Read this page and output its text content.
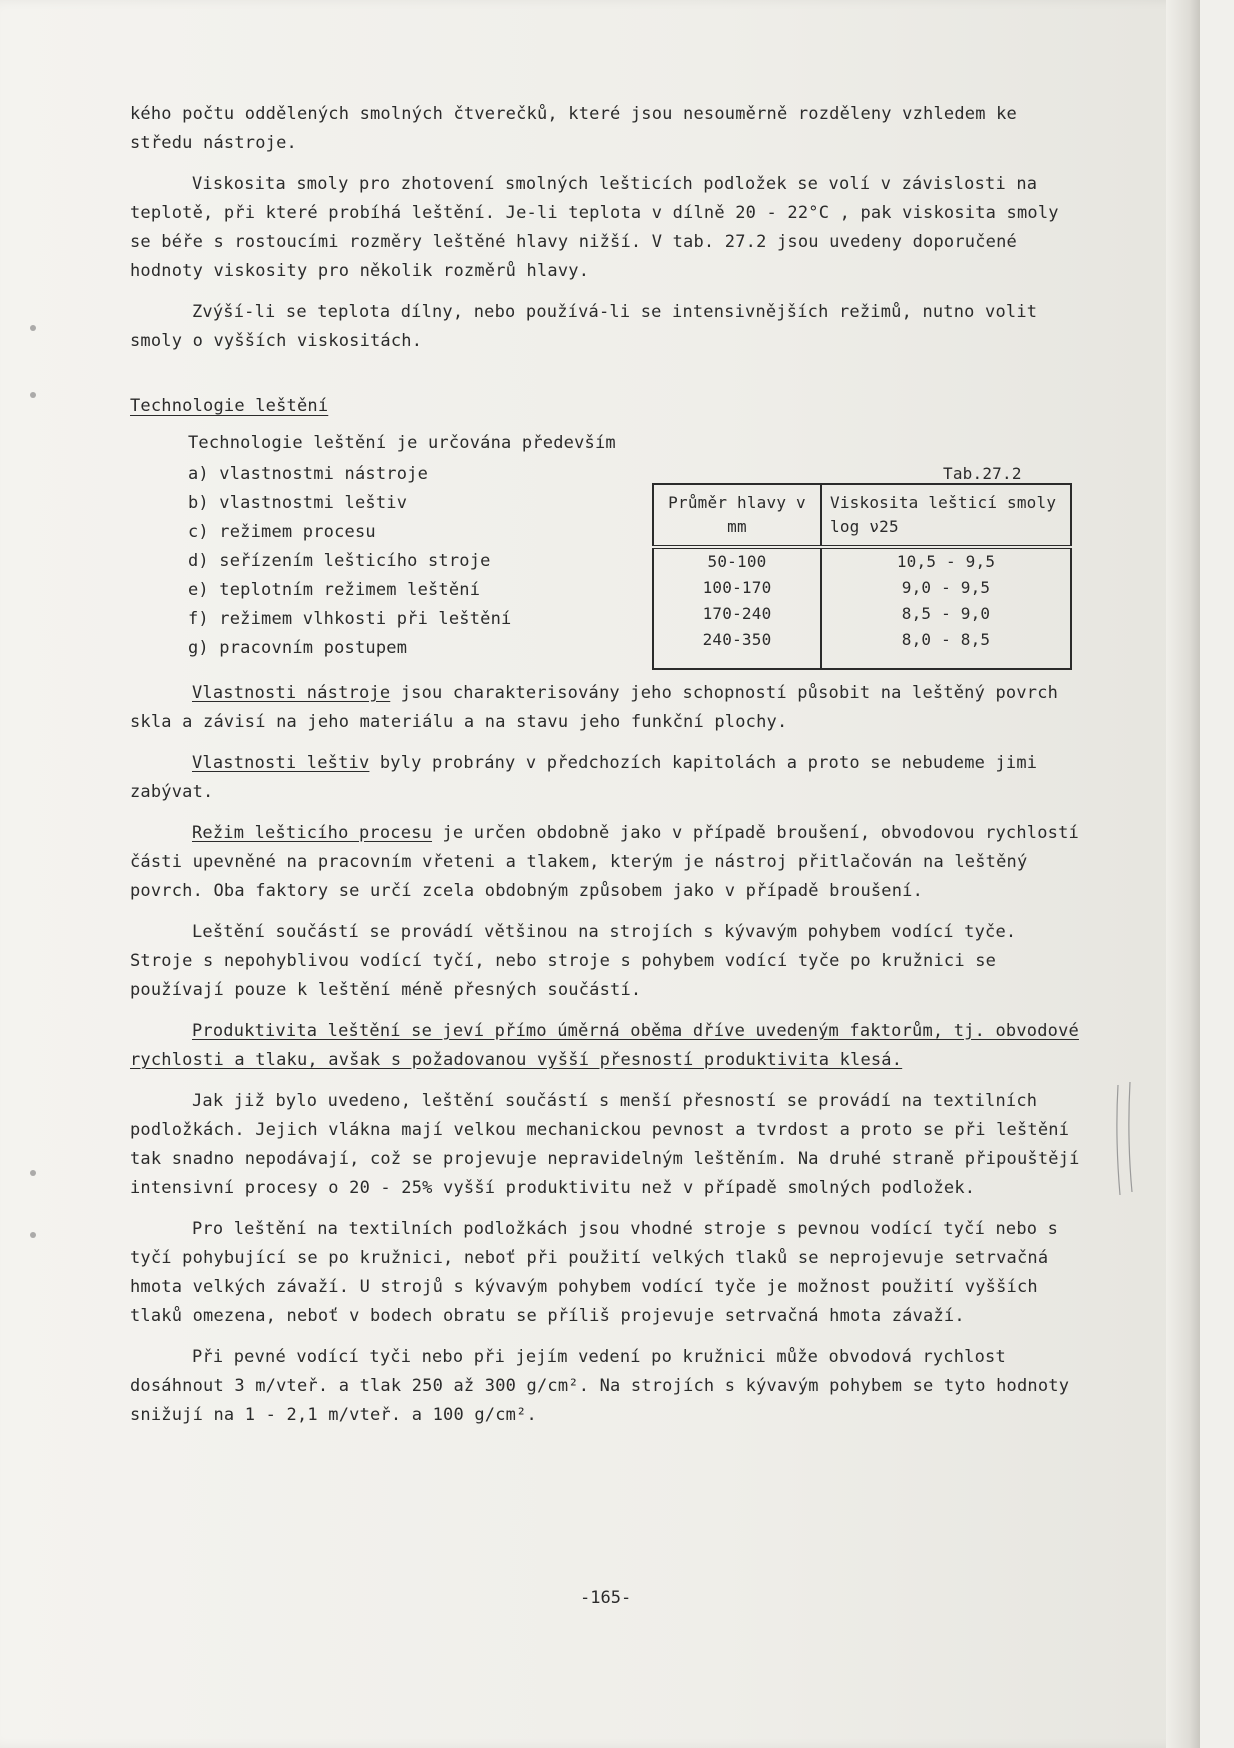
kého počtu oddělených smolných čtverečků, které jsou nesouměrně rozděleny vzhledem ke středu nástroje.

Viskosita smoly pro zhotovení smolných lešticích podložek se volí v závislosti na teplotě, při které probíhá leštění. Je-li teplota v dílně 20 - 22°C , pak viskosita smoly se béře s rostoucími rozměry leštěné hlavy nižší. V tab. 27.2 jsou uvedeny doporučené hodnoty viskosity pro několik rozměrů hlavy.

Zvýší-li se teplota dílny, nebo používá-li se intensivnějších režimů, nutno volit smoly o vyšších viskositách.

Technologie leštění
Technologie leštění je určována především
a) vlastnostmi nástroje
b) vlastnostmi leštiv
c) režimem procesu
d) seřízením lešticího stroje
e) teplotním režimem leštění
f) režimem vlhkosti při leštění
g) pracovním postupem
Tab.27.2
Průměr hlavy v mm	Viskosita lešticí smoly log ν25
50-100	10,5 - 9,5
100-170	9,0 - 9,5
170-240	8,5 - 9,0
240-350	8,0 - 8,5

Vlastnosti nástroje jsou charakterisovány jeho schopností působit na leštěný povrch skla a závisí na jeho materiálu a na stavu jeho funkční plochy.

Vlastnosti leštiv byly probrány v předchozích kapitolách a proto se nebudeme jimi zabývat.

Režim lešticího procesu je určen obdobně jako v případě broušení, obvodovou rychlostí části upevněné na pracovním vřeteni a tlakem, kterým je nástroj přitlačován na leštěný povrch. Oba faktory se určí zcela obdobným způsobem jako v případě broušení.

Leštění součástí se provádí většinou na strojích s kývavým pohybem vodící tyče. Stroje s nepohyblivou vodící tyčí, nebo stroje s pohybem vodící tyče po kružnici se používají pouze k leštění méně přesných součástí.

Produktivita leštění se jeví přímo úměrná oběma dříve uvedeným faktorům, tj. obvodové rychlosti a tlaku, avšak s požadovanou vyšší přesností produktivita klesá.

Jak již bylo uvedeno, leštění součástí s menší přesností se provádí na textilních podložkách. Jejich vlákna mají velkou mechanickou pevnost a tvrdost a proto se při leštění tak snadno nepodávají, což se projevuje nepravidelným leštěním. Na druhé straně připouštějí intensivní procesy o 20 - 25% vyšší produktivitu než v případě smolných podložek.

Pro leštění na textilních podložkách jsou vhodné stroje s pevnou vodící tyčí nebo s tyčí pohybující se po kružnici, neboť při použití velkých tlaků se neprojevuje setrvačná hmota velkých závaží. U strojů s kývavým pohybem vodící tyče je možnost použití vyšších tlaků omezena, neboť v bodech obratu se příliš projevuje setrvačná hmota závaží.

Při pevné vodící tyči nebo při jejím vedení po kružnici může obvodová rychlost dosáhnout 3 m/vteř. a tlak 250 až 300 g/cm². Na strojích s kývavým pohybem se tyto hodnoty snižují na 1 - 2,1 m/vteř. a 100 g/cm².

-165-
